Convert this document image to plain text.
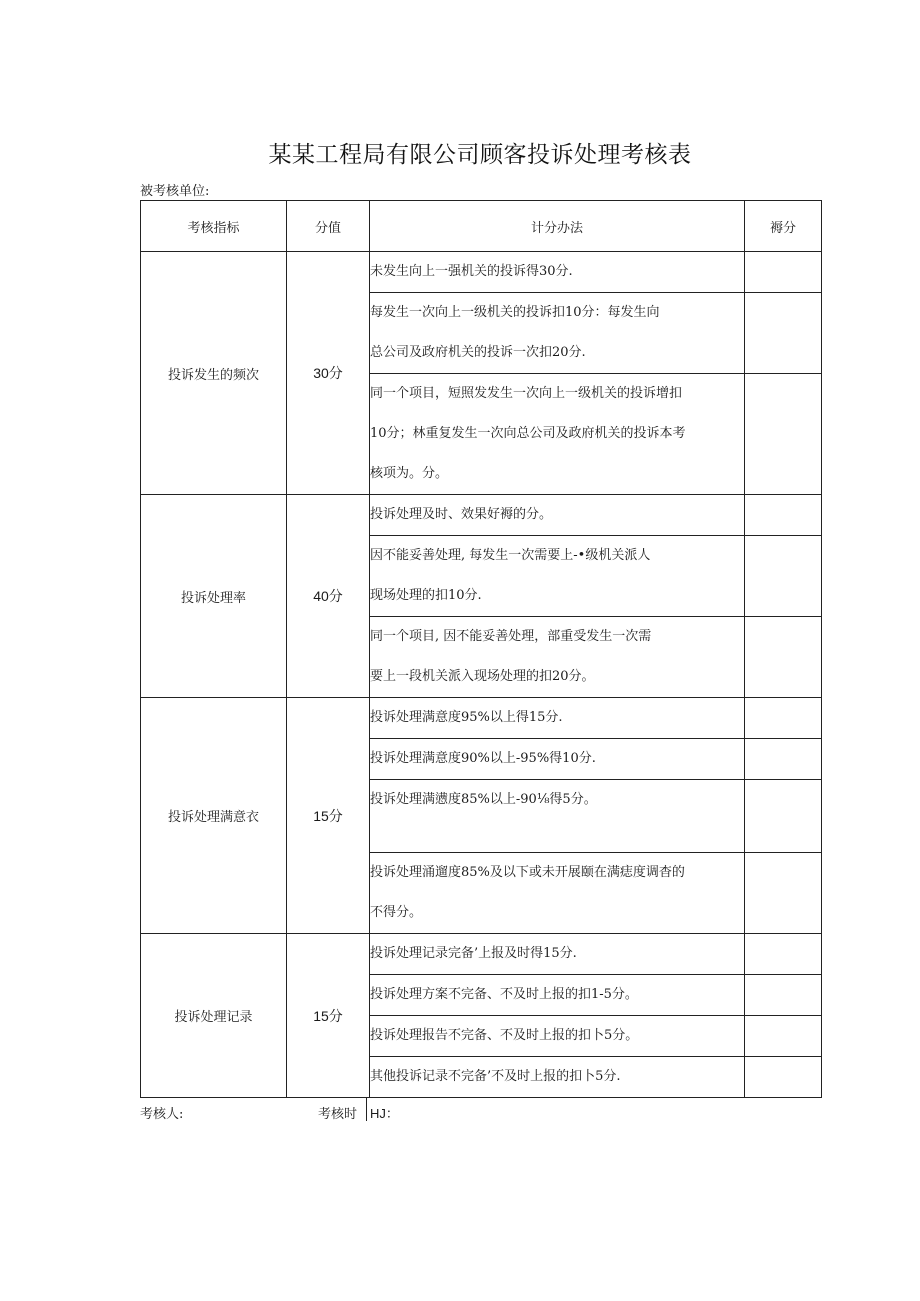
某某工程局有限公司顾客投诉处理考核表
被考核单位:
考核指标	分值	计分办法	褥分
投诉发生的频次	30分	未发生向上一强机关的投诉得30分.	

		每发生一次向上一级机关的投诉扣10分：每发生向
总公司及政府机关的投诉一次扣20分.	

		同一个项目，短照发发生一次向上一级机关的投诉增扣
10分；林重复发生一次向总公司及政府机关的投诉本考
核项为。分。	

投诉处理率	40分	投诉处理及时、效果好褥的分。	

		因不能妥善处理, 每发生一次需要上-•级机关派人
现场处理的扣10分.	

		同一个项目, 因不能妥善处理，部重受发生一次需
要上一段机关派入现场处理的扣20分。	

投诉处理满意衣	15分	投诉处理满意度95%以上得15分.	

		投诉处理满意度90%以上-95%得10分.	

		投诉处理满懑度85%以上-90⅛得5分。	

		投诉处理涌遛度85%及以下或未开展颐在满痣度调杳的
不得分。	

投诉处理记录	15分	投诉处理记录完备’上报及时得15分.	

		投诉处理方案不完备、不及时上报的扣1-5分。	

		投诉处理报告不完备、不及时上报的扣卜5分。	

		其他投诉记录不完备’不及时上报的扣卜5分.	

考核人:	考核时 HJ：
